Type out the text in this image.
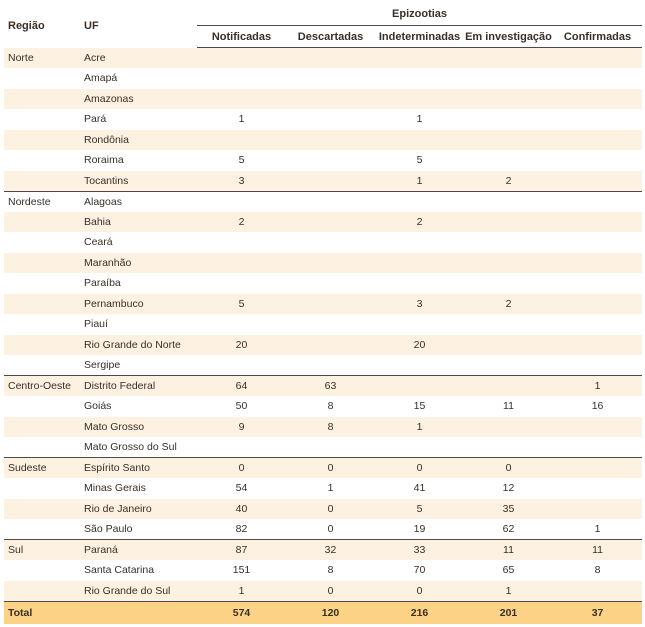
Região	UF	Epizootias				
		Notificadas	Descartadas	Indeterminadas	Em investigação	Confirmadas
Norte	Acre					
	Amapá					
	Amazonas					
	Pará	1		1		
	Rondônia					
	Roraima	5		5		
	Tocantins	3		1	2	
Nordeste	Alagoas					
	Bahia	2		2		
	Ceará					
	Maranhão					
	Paraíba					
	Pernambuco	5		3	2	
	Piauí					
	Rio Grande do Norte	20		20		
	Sergipe					
Centro-Oeste	Distrito Federal	64	63			1
	Goiás	50	8	15	11	16
	Mato Grosso	9	8	1		
	Mato Grosso do Sul					
Sudeste	Espírito Santo	0	0	0	0	
	Minas Gerais	54	1	41	12	
	Rio de Janeiro	40	0	5	35	
	São Paulo	82	0	19	62	1
Sul	Paraná	87	32	33	11	11
	Santa Catarina	151	8	70	65	8
	Rio Grande do Sul	1	0	0	1	
Total		574	120	216	201	37
